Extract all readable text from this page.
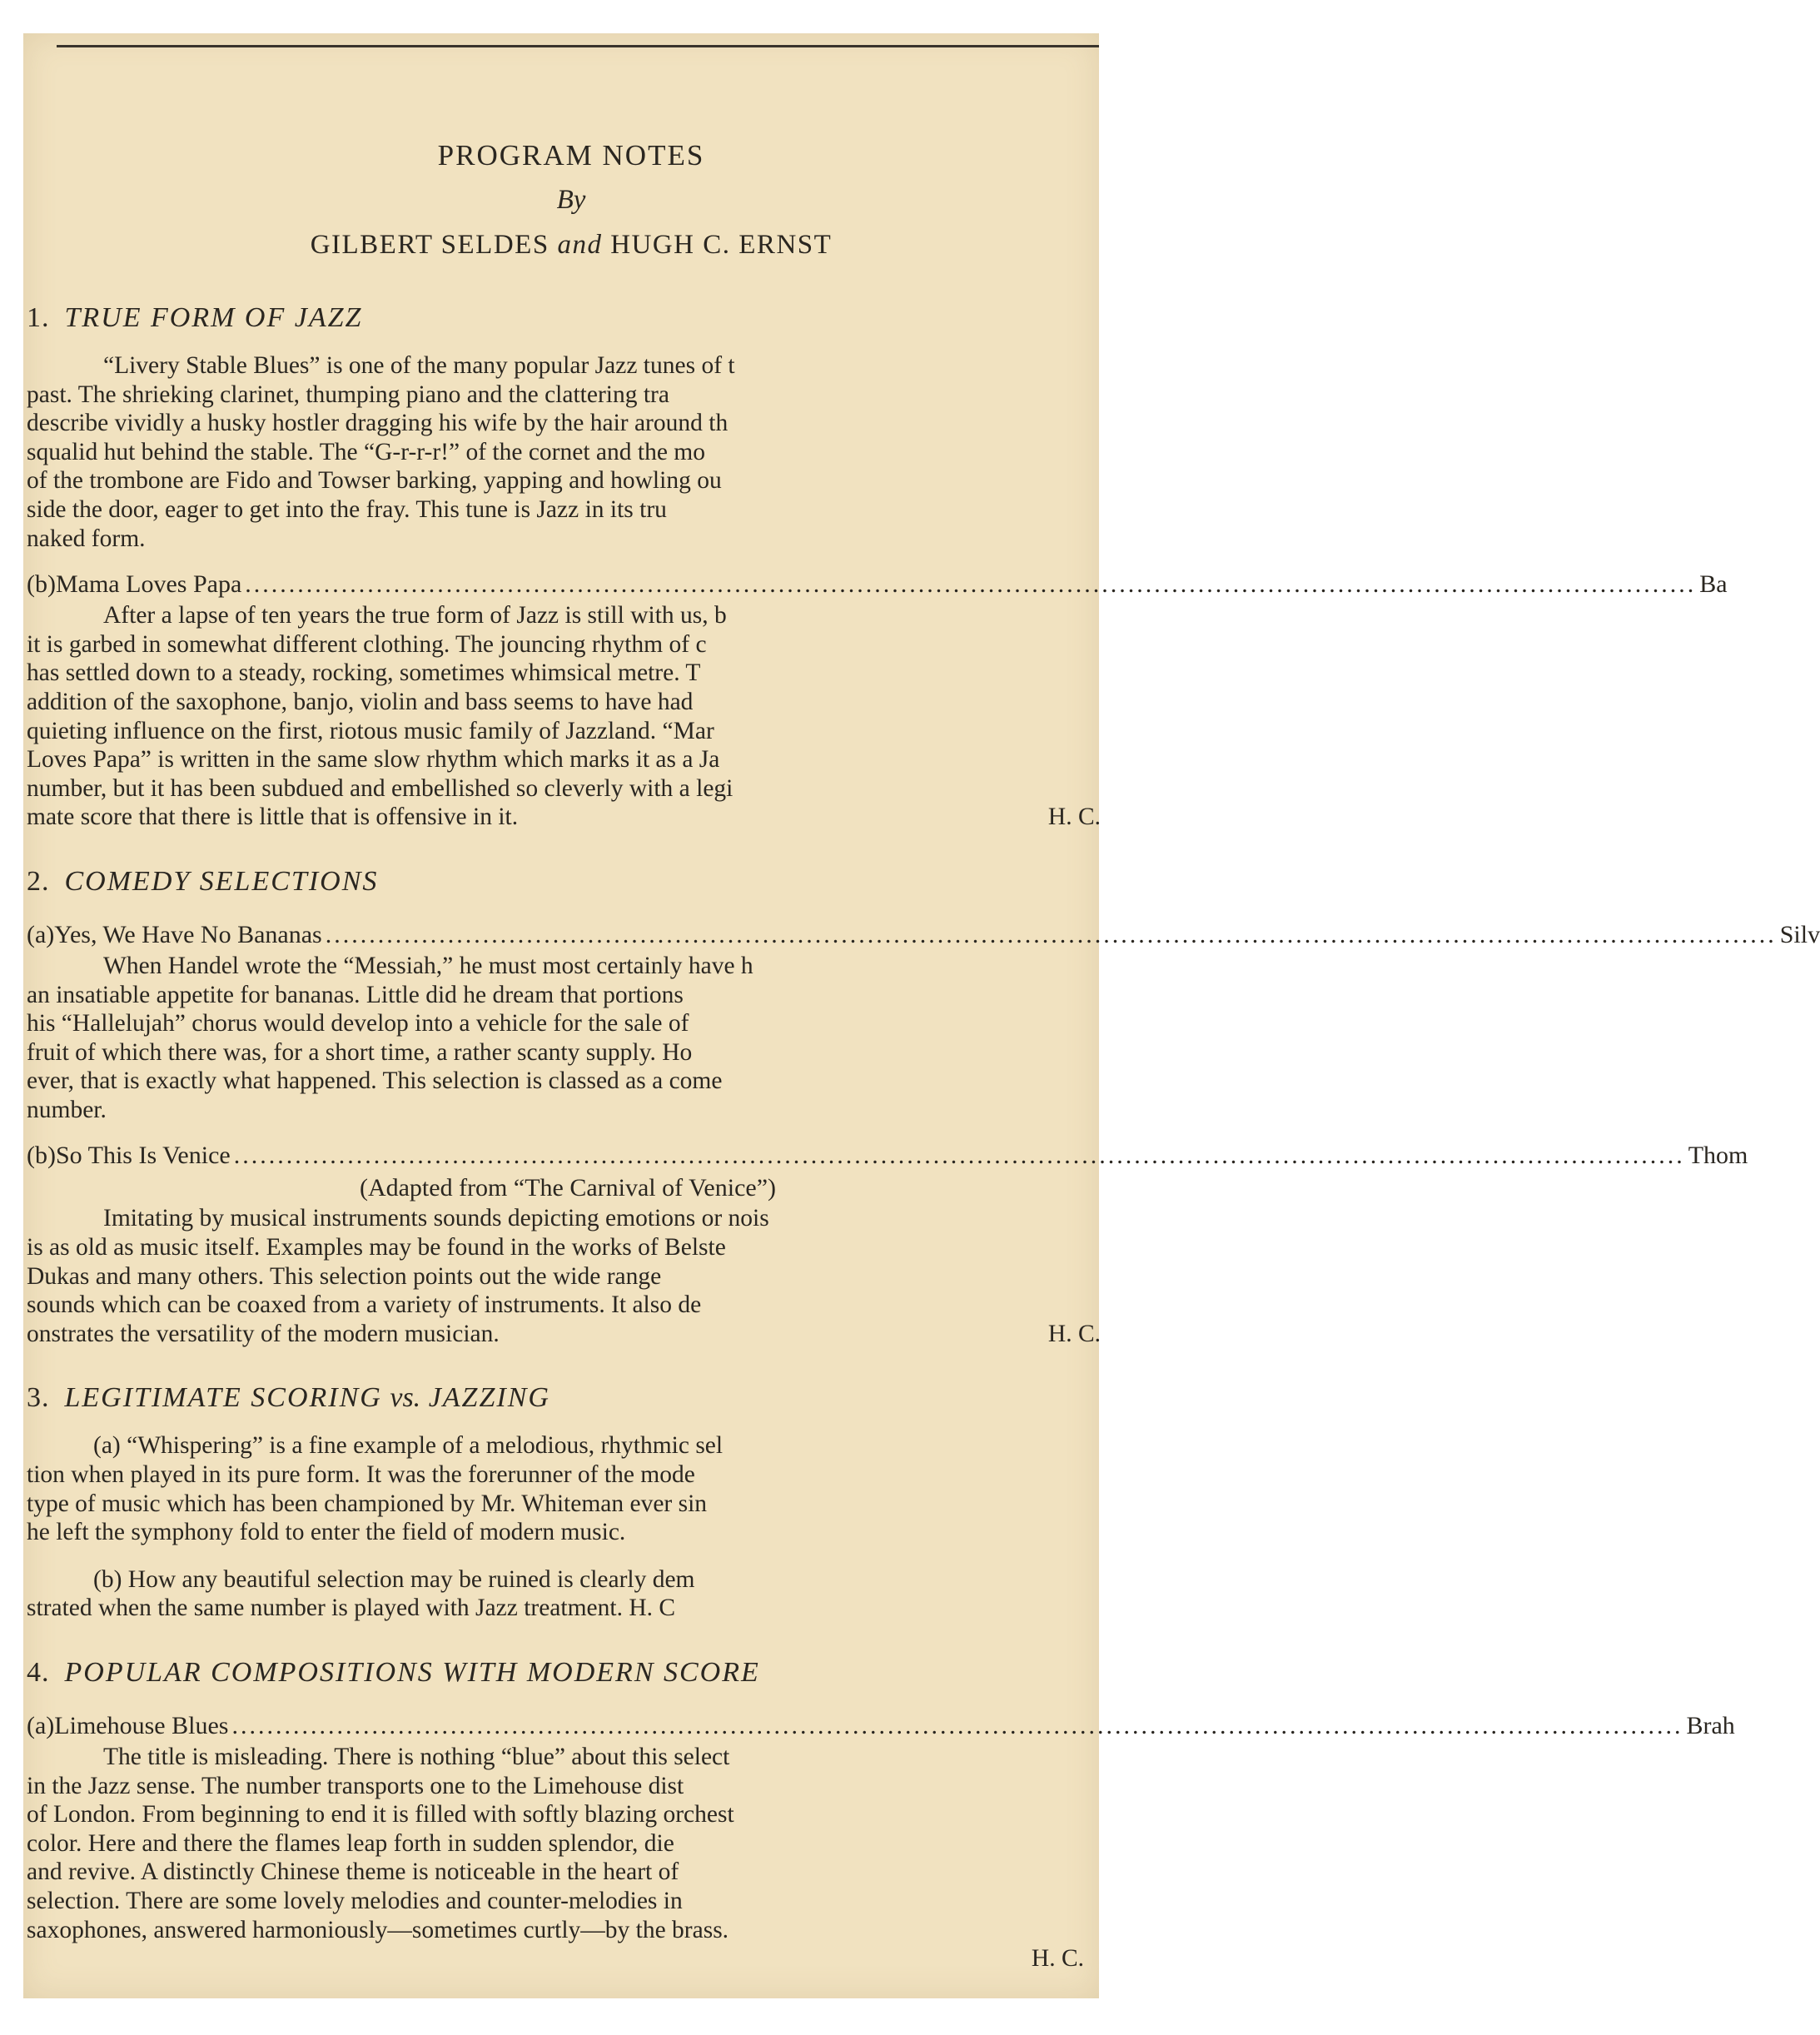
PROGRAM NOTES
By
GILBERT SELDES and HUGH C. ERNST
1. TRUE FORM OF JAZZ
“Livery Stable Blues” is one of the many popular Jazz tunes of t
past. The shrieking clarinet, thumping piano and the clattering tra
describe vividly a husky hostler dragging his wife by the hair around th
squalid hut behind the stable. The “G-r-r-r!” of the cornet and the mo
of the trombone are Fido and Towser barking, yapping and howling ou
side the door, eager to get into the fray. This tune is Jazz in its tru
naked form.
(b) Mama Loves Papa .....	Ba
After a lapse of ten years the true form of Jazz is still with us, b
it is garbed in somewhat different clothing. The jouncing rhythm of c
has settled down to a steady, rocking, sometimes whimsical metre. T
addition of the saxophone, banjo, violin and bass seems to have had
quieting influence on the first, riotous music family of Jazzland. “Mar
Loves Papa” is written in the same slow rhythm which marks it as a Ja
number, but it has been subdued and embellished so cleverly with a legi
mate score that there is little that is offensive in it.	H. C.
2. COMEDY SELECTIONS
(a) Yes, We Have No Bananas .....	Silv
When Handel wrote the “Messiah,” he must most certainly have h
an insatiable appetite for bananas. Little did he dream that portions
his “Hallelujah” chorus would develop into a vehicle for the sale of
fruit of which there was, for a short time, a rather scanty supply. Ho
ever, that is exactly what happened. This selection is classed as a come
number.
(b) So This Is Venice .....	Thom
(Adapted from “The Carnival of Venice”)
Imitating by musical instruments sounds depicting emotions or nois
is as old as music itself. Examples may be found in the works of Belste
Dukas and many others. This selection points out the wide range
sounds which can be coaxed from a variety of instruments. It also de
onstrates the versatility of the modern musician.	H. C.
3. LEGITIMATE SCORING vs. JAZZING
(a) “Whispering” is a fine example of a melodious, rhythmic sel
tion when played in its pure form. It was the forerunner of the mode
type of music which has been championed by Mr. Whiteman ever sin
he left the symphony fold to enter the field of modern music.
(b) How any beautiful selection may be ruined is clearly dem
strated when the same number is played with Jazz treatment. H. C
4. POPULAR COMPOSITIONS WITH MODERN SCORE
(a) Limehouse Blues .....	Brah
The title is misleading. There is nothing “blue” about this select
in the Jazz sense. The number transports one to the Limehouse dist
of London. From beginning to end it is filled with softly blazing orchest
color. Here and there the flames leap forth in sudden splendor, die
and revive. A distinctly Chinese theme is noticeable in the heart of
selection. There are some lovely melodies and counter-melodies in
saxophones, answered harmoniously—sometimes curtly—by the brass.
H. C.
